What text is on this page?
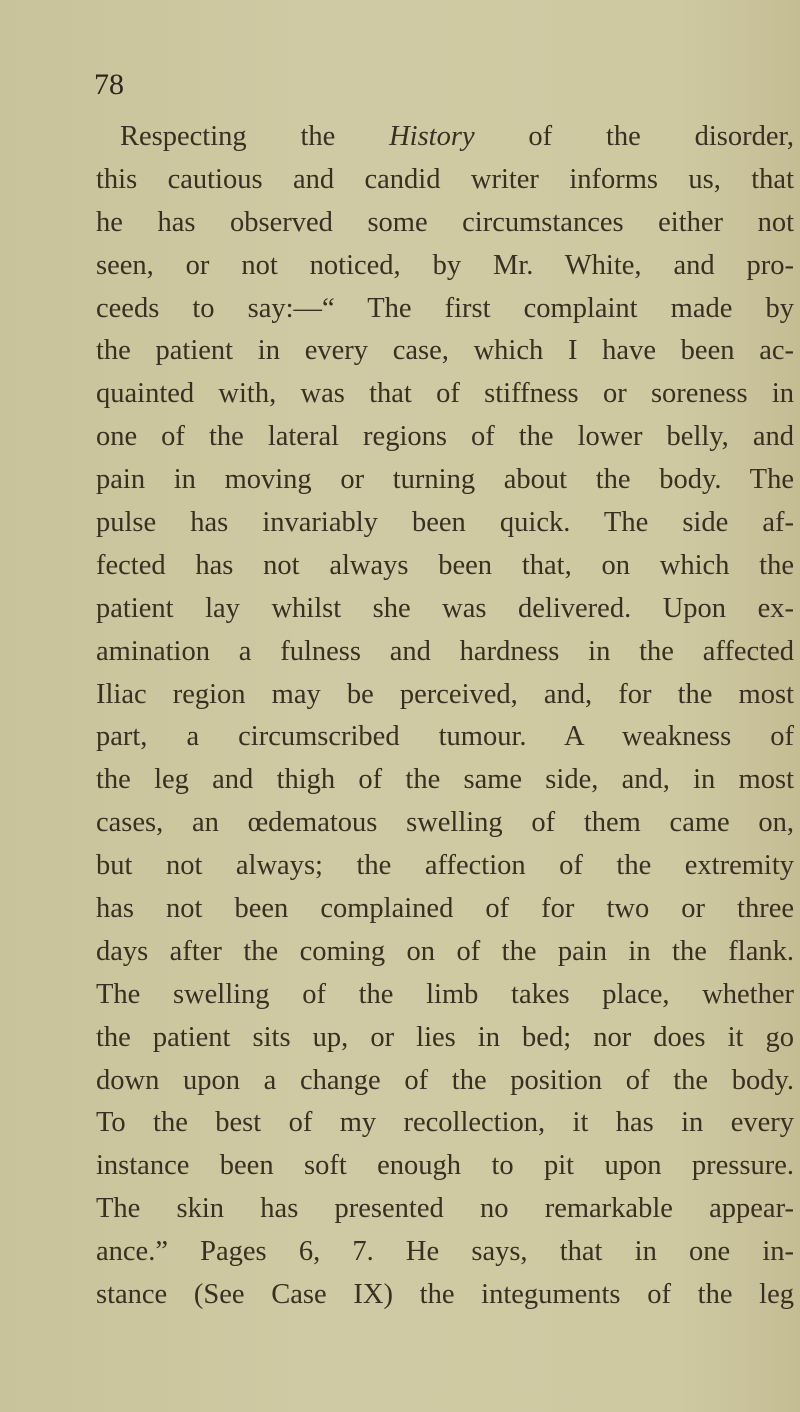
78
Respecting the History of the disorder,
this cautious and candid writer informs us, that
he has observed some circumstances either not
seen, or not noticed, by Mr. White, and pro-
ceeds to say:—“ The first complaint made by
the patient in every case, which I have been ac-
quainted with, was that of stiffness or soreness in
one of the lateral regions of the lower belly, and
pain in moving or turning about the body. The
pulse has invariably been quick. The side af-
fected has not always been that, on which the
patient lay whilst she was delivered. Upon ex-
amination a fulness and hardness in the affected
Iliac region may be perceived, and, for the most
part, a circumscribed tumour. A weakness of
the leg and thigh of the same side, and, in most
cases, an œdematous swelling of them came on,
but not always; the affection of the extremity
has not been complained of for two or three
days after the coming on of the pain in the flank.
The swelling of the limb takes place, whether
the patient sits up, or lies in bed; nor does it go
down upon a change of the position of the body.
To the best of my recollection, it has in every
instance been soft enough to pit upon pressure.
The skin has presented no remarkable appear-
ance.” Pages 6, 7. He says, that in one in-
stance (See Case IX) the integuments of the leg
